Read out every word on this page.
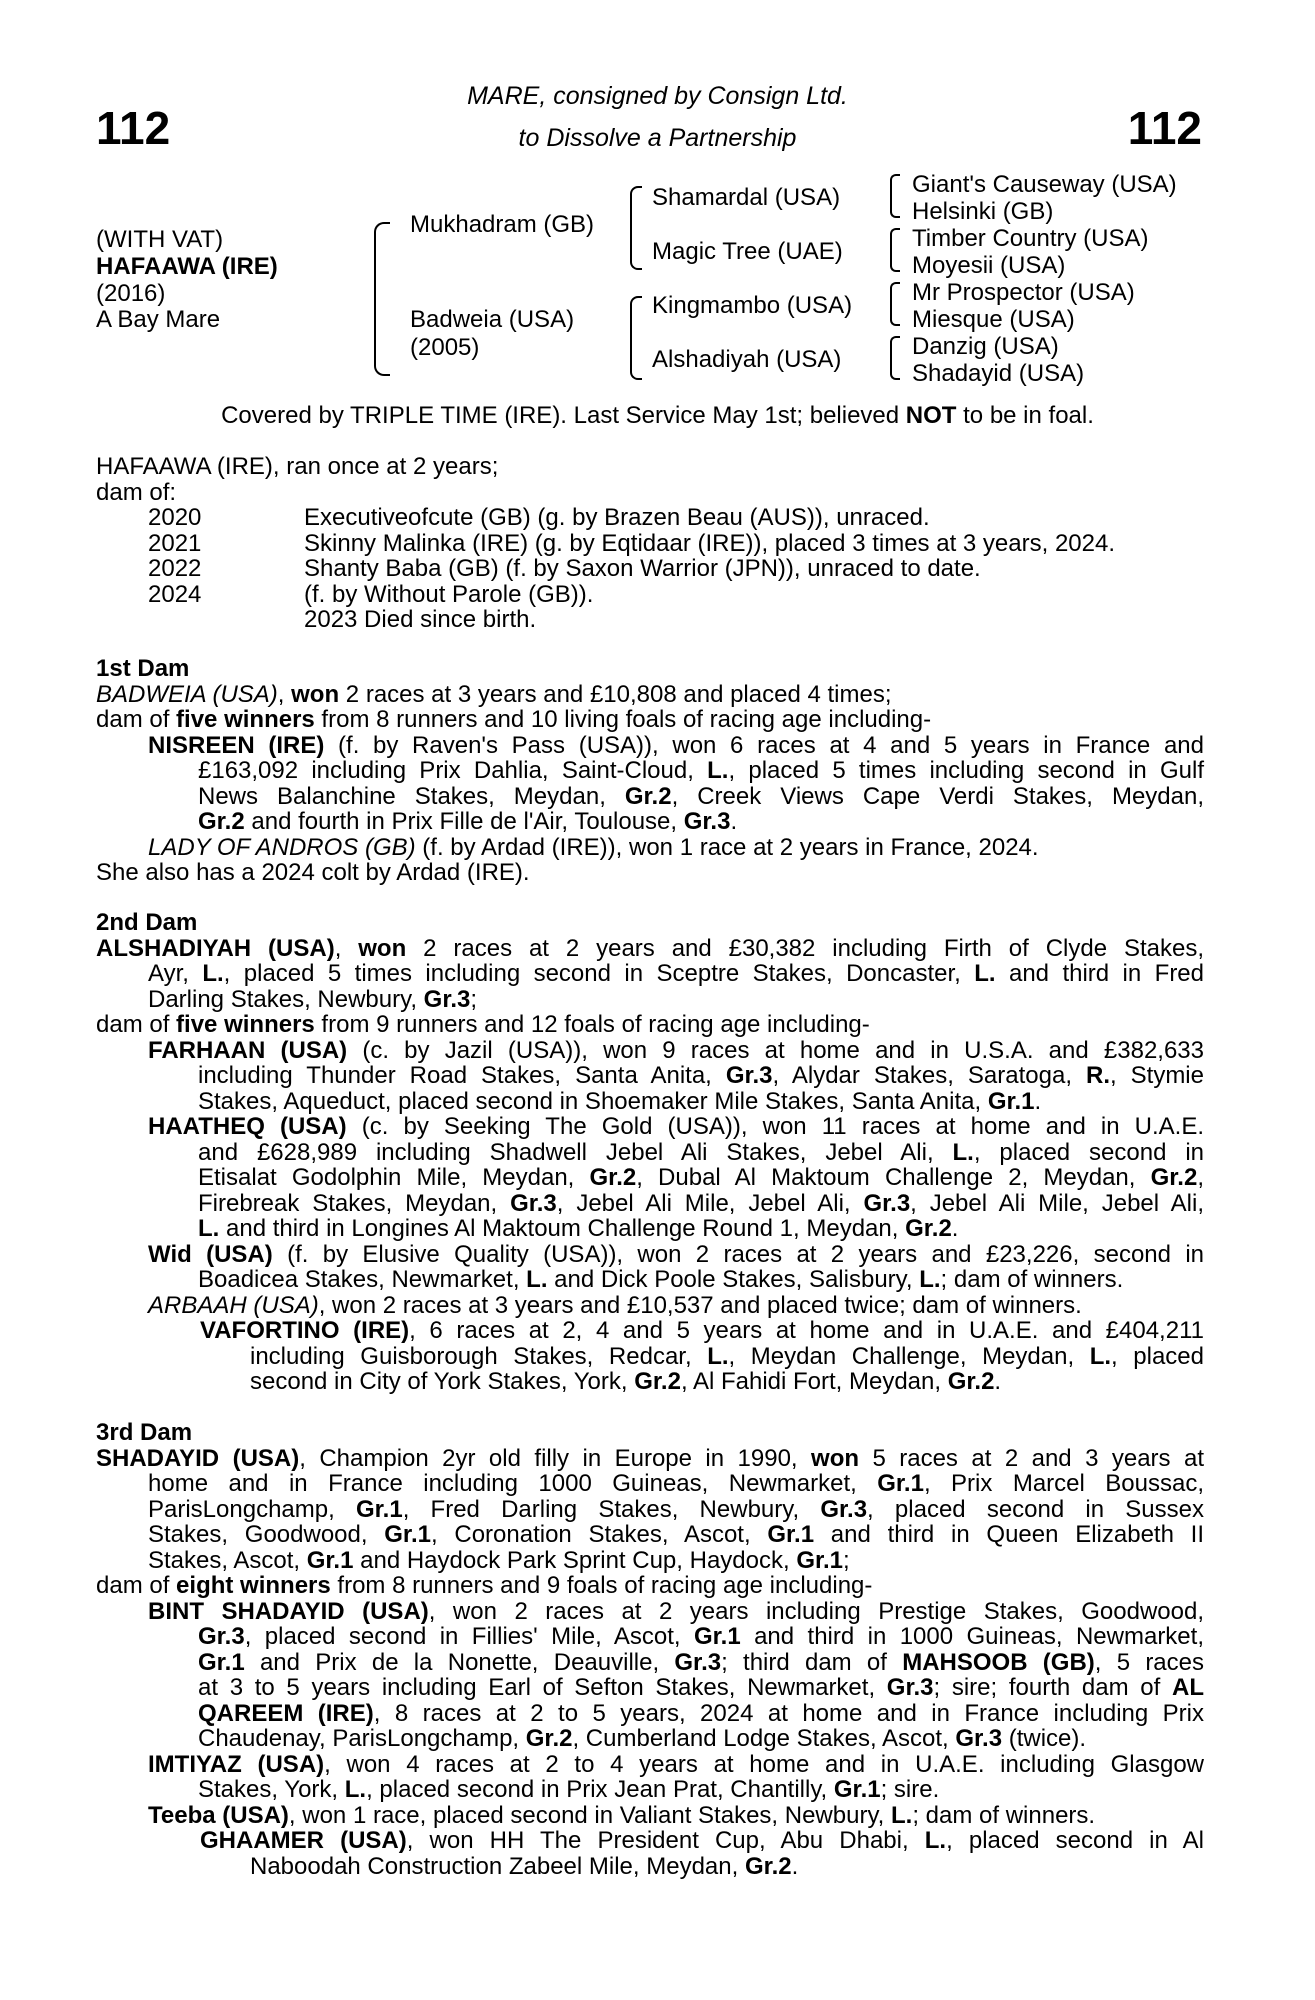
112	112
MARE, consigned by Consign Ltd.
to Dissolve a Partnership
(WITH VAT)
HAFAAWA (IRE)
(2016)
A Bay Mare
Mukhadram (GB)
Badweia (USA)
(2005)
Shamardal (USA)
Magic Tree (UAE)
Kingmambo (USA)
Alshadiyah (USA)
Giant's Causeway (USA)
Helsinki (GB)
Timber Country (USA)
Moyesii (USA)
Mr Prospector (USA)
Miesque (USA)
Danzig (USA)
Shadayid (USA)
Covered by TRIPLE TIME (IRE). Last Service May 1st; believed NOT to be in foal.
HAFAAWA (IRE), ran once at 2 years;
dam of:
2020	Executiveofcute (GB) (g. by Brazen Beau (AUS)), unraced.
2021	Skinny Malinka (IRE) (g. by Eqtidaar (IRE)), placed 3 times at 3 years, 2024.
2022	Shanty Baba (GB) (f. by Saxon Warrior (JPN)), unraced to date.
2024	(f. by Without Parole (GB)).
2023 Died since birth.
1st Dam
BADWEIA (USA), won 2 races at 3 years and £10,808 and placed 4 times;
dam of five winners from 8 runners and 10 living foals of racing age including-
NISREEN (IRE) (f. by Raven's Pass (USA)), won 6 races at 4 and 5 years in France and
£163,092 including Prix Dahlia, Saint-Cloud, L., placed 5 times including second in Gulf
News Balanchine Stakes, Meydan, Gr.2, Creek Views Cape Verdi Stakes, Meydan,
Gr.2 and fourth in Prix Fille de l'Air, Toulouse, Gr.3.
LADY OF ANDROS (GB) (f. by Ardad (IRE)), won 1 race at 2 years in France, 2024.
She also has a 2024 colt by Ardad (IRE).
2nd Dam
ALSHADIYAH (USA), won 2 races at 2 years and £30,382 including Firth of Clyde Stakes,
Ayr, L., placed 5 times including second in Sceptre Stakes, Doncaster, L. and third in Fred
Darling Stakes, Newbury, Gr.3;
dam of five winners from 9 runners and 12 foals of racing age including-
FARHAAN (USA) (c. by Jazil (USA)), won 9 races at home and in U.S.A. and £382,633
including Thunder Road Stakes, Santa Anita, Gr.3, Alydar Stakes, Saratoga, R., Stymie
Stakes, Aqueduct, placed second in Shoemaker Mile Stakes, Santa Anita, Gr.1.
HAATHEQ (USA) (c. by Seeking The Gold (USA)), won 11 races at home and in U.A.E.
and £628,989 including Shadwell Jebel Ali Stakes, Jebel Ali, L., placed second in
Etisalat Godolphin Mile, Meydan, Gr.2, Dubal Al Maktoum Challenge 2, Meydan, Gr.2,
Firebreak Stakes, Meydan, Gr.3, Jebel Ali Mile, Jebel Ali, Gr.3, Jebel Ali Mile, Jebel Ali,
L. and third in Longines Al Maktoum Challenge Round 1, Meydan, Gr.2.
Wid (USA) (f. by Elusive Quality (USA)), won 2 races at 2 years and £23,226, second in
Boadicea Stakes, Newmarket, L. and Dick Poole Stakes, Salisbury, L.; dam of winners.
ARBAAH (USA), won 2 races at 3 years and £10,537 and placed twice; dam of winners.
VAFORTINO (IRE), 6 races at 2, 4 and 5 years at home and in U.A.E. and £404,211
including Guisborough Stakes, Redcar, L., Meydan Challenge, Meydan, L., placed
second in City of York Stakes, York, Gr.2, Al Fahidi Fort, Meydan, Gr.2.
3rd Dam
SHADAYID (USA), Champion 2yr old filly in Europe in 1990, won 5 races at 2 and 3 years at
home and in France including 1000 Guineas, Newmarket, Gr.1, Prix Marcel Boussac,
ParisLongchamp, Gr.1, Fred Darling Stakes, Newbury, Gr.3, placed second in Sussex
Stakes, Goodwood, Gr.1, Coronation Stakes, Ascot, Gr.1 and third in Queen Elizabeth II
Stakes, Ascot, Gr.1 and Haydock Park Sprint Cup, Haydock, Gr.1;
dam of eight winners from 8 runners and 9 foals of racing age including-
BINT SHADAYID (USA), won 2 races at 2 years including Prestige Stakes, Goodwood,
Gr.3, placed second in Fillies' Mile, Ascot, Gr.1 and third in 1000 Guineas, Newmarket,
Gr.1 and Prix de la Nonette, Deauville, Gr.3; third dam of MAHSOOB (GB), 5 races
at 3 to 5 years including Earl of Sefton Stakes, Newmarket, Gr.3; sire; fourth dam of AL
QAREEM (IRE), 8 races at 2 to 5 years, 2024 at home and in France including Prix
Chaudenay, ParisLongchamp, Gr.2, Cumberland Lodge Stakes, Ascot, Gr.3 (twice).
IMTIYAZ (USA), won 4 races at 2 to 4 years at home and in U.A.E. including Glasgow
Stakes, York, L., placed second in Prix Jean Prat, Chantilly, Gr.1; sire.
Teeba (USA), won 1 race, placed second in Valiant Stakes, Newbury, L.; dam of winners.
GHAAMER (USA), won HH The President Cup, Abu Dhabi, L., placed second in Al
Naboodah Construction Zabeel Mile, Meydan, Gr.2.
